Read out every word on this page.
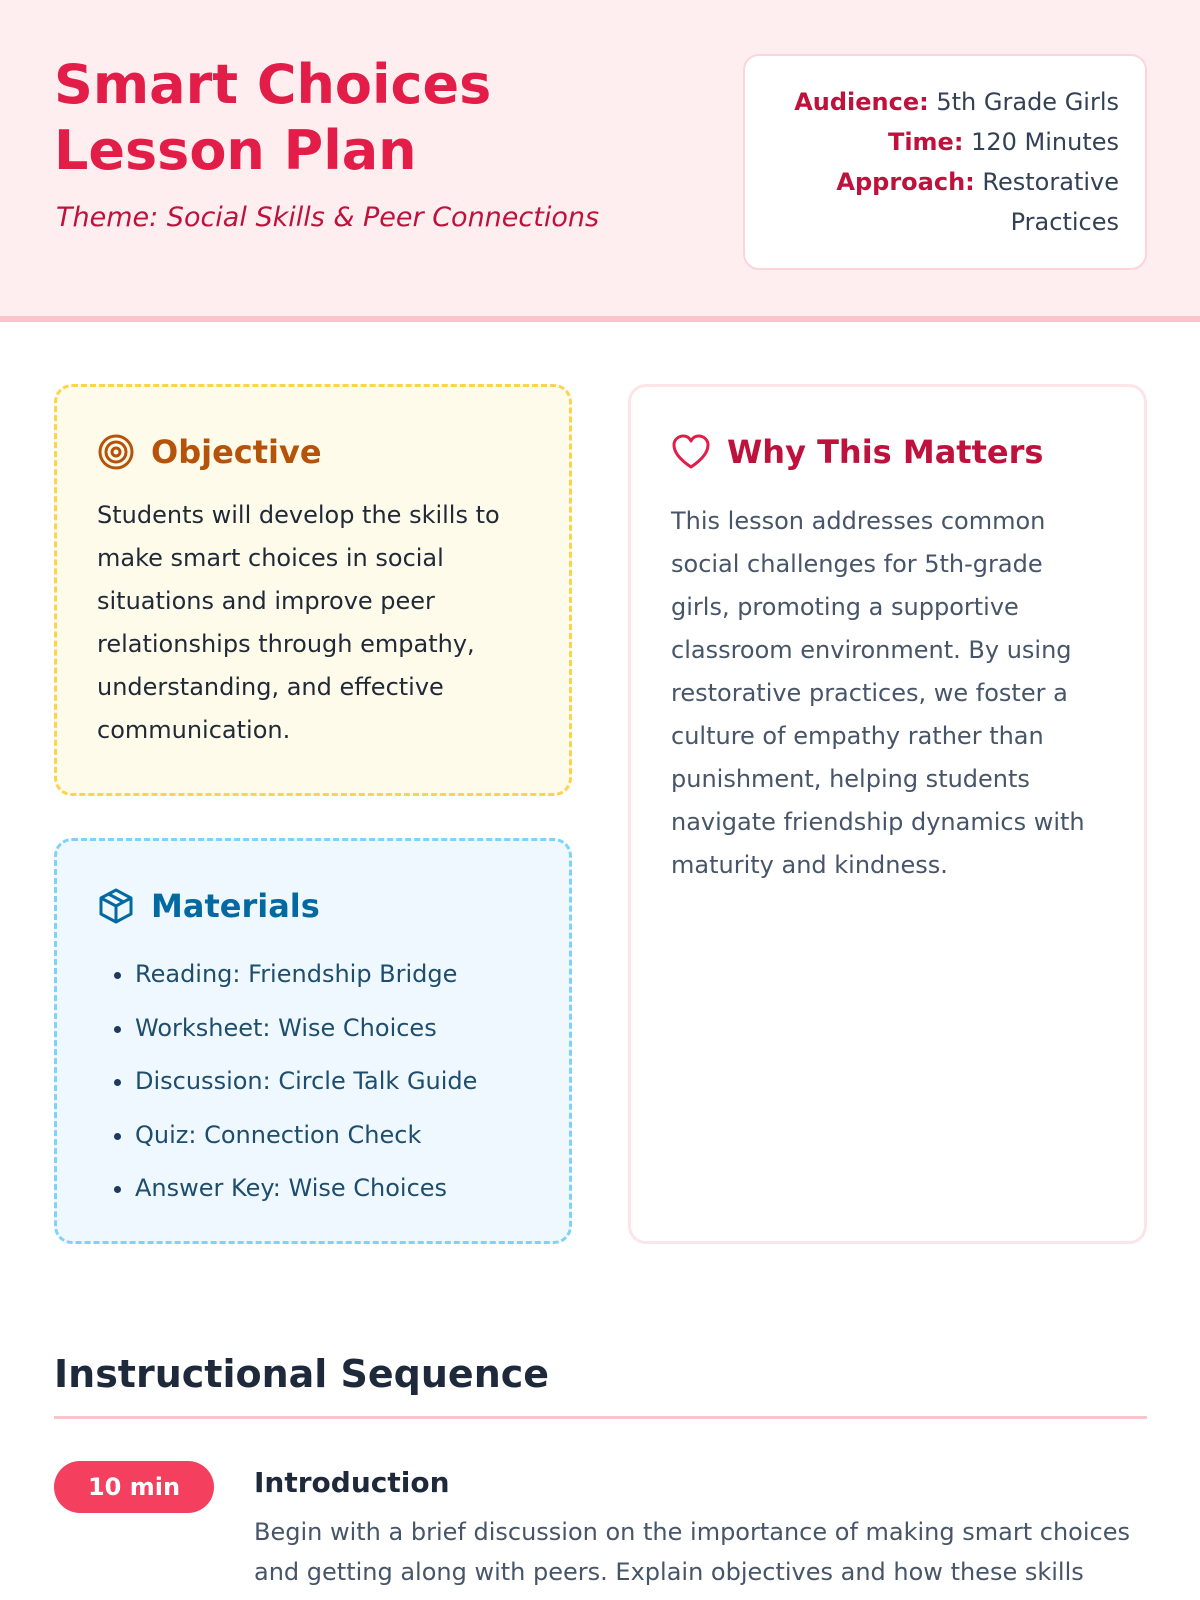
Smart Choices Lesson Plan
Theme: Social Skills & Peer Connections
Audience: 5th Grade Girls
Time: 120 Minutes
Approach: Restorative Practices
Objective
Students will develop the skills to make smart choices in social situations and improve peer relationships through empathy, understanding, and effective communication.
Materials
• Reading: Friendship Bridge
• Worksheet: Wise Choices
• Discussion: Circle Talk Guide
• Quiz: Connection Check
• Answer Key: Wise Choices
Why This Matters
This lesson addresses common social challenges for 5th-grade girls, promoting a supportive classroom environment. By using restorative practices, we foster a culture of empathy rather than punishment, helping students navigate friendship dynamics with maturity and kindness.
Instructional Sequence
10 min	Introduction
Begin with a brief discussion on the importance of making smart choices and getting along with peers. Explain objectives and how these skills
